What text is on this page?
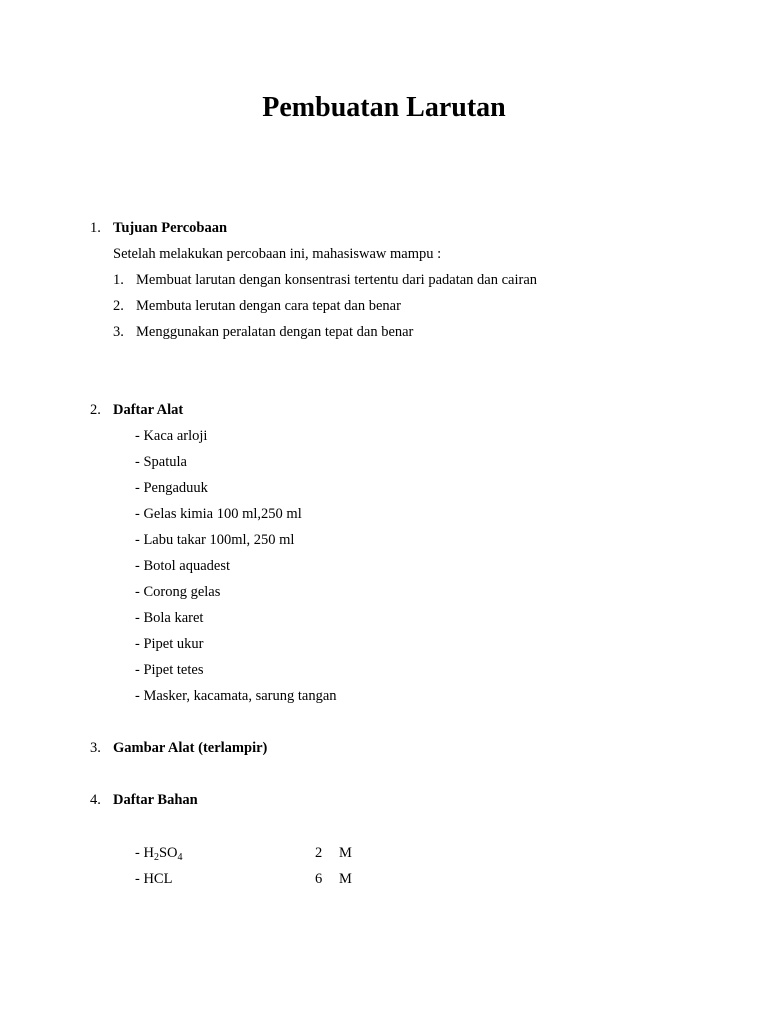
Pembuatan Larutan
1. Tujuan Percobaan
Setelah melakukan percobaan ini, mahasiswaw mampu :
1. Membuat larutan dengan konsentrasi tertentu dari padatan dan cairan
2. Membuta lerutan dengan cara tepat dan benar
3. Menggunakan peralatan dengan tepat dan benar
2. Daftar Alat
- Kaca arloji
- Spatula
- Pengaduuk
- Gelas kimia 100 ml,250 ml
- Labu takar 100ml, 250 ml
- Botol aquadest
- Corong gelas
- Bola karet
- Pipet ukur
- Pipet tetes
- Masker, kacamata, sarung tangan
3. Gambar Alat (terlampir)
4. Daftar Bahan
- $H_2SO_4$	2 M
- HCL	6 M
